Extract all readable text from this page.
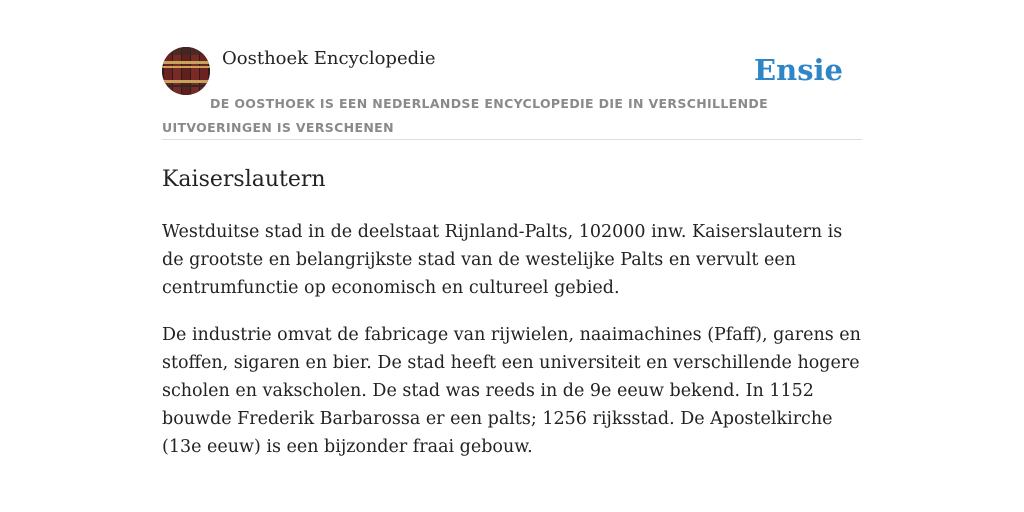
Oosthoek Encyclopedie	Ensie
DE OOSTHOEK IS EEN NEDERLANDSE ENCYCLOPEDIE DIE IN VERSCHILLENDE UITVOERINGEN IS VERSCHENEN
Kaiserslautern

Westduitse stad in de deelstaat Rijnland-Palts, 102000 inw. Kaiserslautern is de grootste en belangrijkste stad van de westelijke Palts en vervult een centrumfunctie op economisch en cultureel gebied.

De industrie omvat de fabricage van rijwielen, naaimachines (Pfaff), garens en stoffen, sigaren en bier. De stad heeft een universiteit en verschillende hogere scholen en vakscholen. De stad was reeds in de 9e eeuw bekend. In 1152 bouwde Frederik Barbarossa er een palts; 1256 rijksstad. De Apostelkirche (13e eeuw) is een bijzonder fraai gebouw.
